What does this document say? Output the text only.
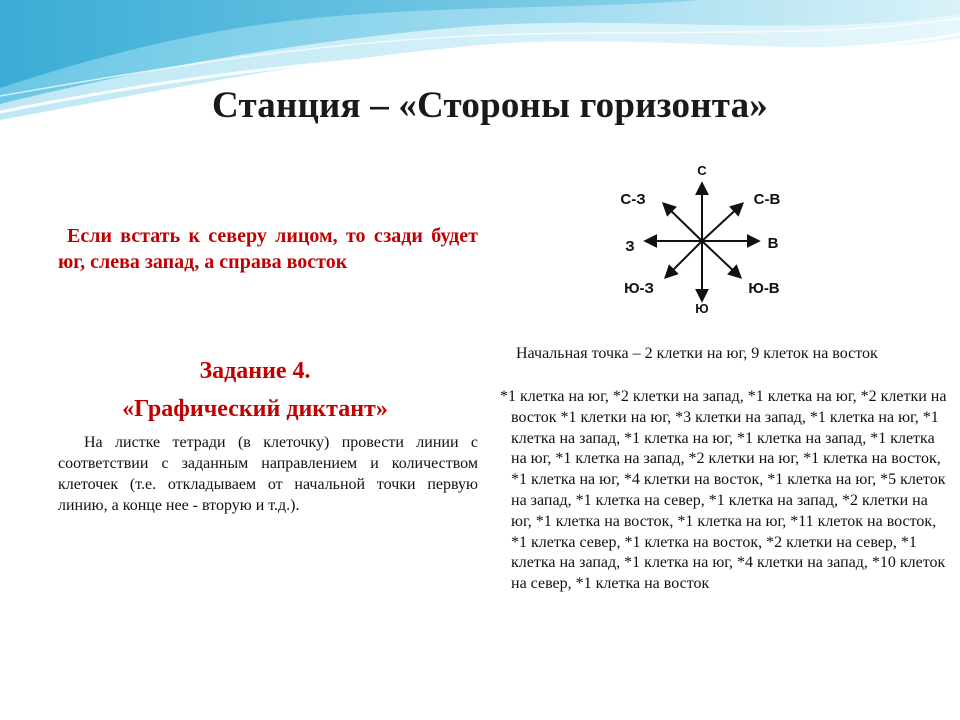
Станция – «Стороны горизонта»

Если встать к северу лицом, то сзади будет юг, слева запад, а справа восток

Задание 4.
«Графический диктант»

На листке тетради (в клеточку) провести линии с соответствии с заданным направлением и количеством клеточек (т.е. откладываем от начальной точки первую линию, а конце нее - вторую и т.д.).

С
С-З	С-В
З	В
Ю-З	Ю-В
Ю

Начальная точка – 2 клетки на юг, 9 клеток на восток

*1 клетка на юг, *2 клетки на запад, *1 клетка на юг, *2 клетки на восток *1 клетки на юг, *3 клетки на запад, *1 клетка на юг, *1 клетка на запад, *1 клетка на юг, *1 клетка на запад, *1 клетка на юг, *1 клетка на запад, *2 клетки на юг, *1 клетка на восток, *1 клетка на юг, *4 клетки на восток, *1 клетка на юг, *5 клеток на запад, *1 клетка на север, *1 клетка на запад, *2 клетки на юг, *1 клетка на восток, *1 клетка на юг, *11 клеток на восток, *1 клетка север, *1 клетка на восток, *2 клетки на север, *1 клетка на запад, *1 клетка на юг, *4 клетки на запад, *10 клеток на север, *1 клетка на восток
